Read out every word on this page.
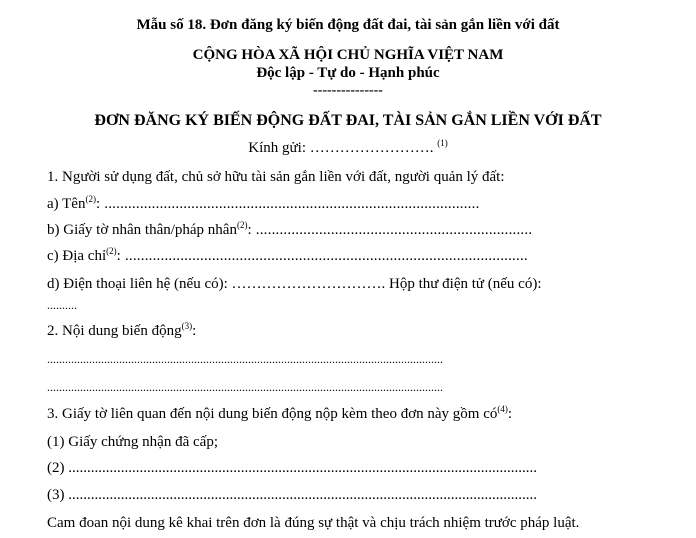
Mẫu số 18. Đơn đăng ký biến động đất đai, tài sản gắn liền với đất
CỘNG HÒA XÃ HỘI CHỦ NGHĨA VIỆT NAM
Độc lập - Tự do - Hạnh phúc
---------------
ĐƠN ĐĂNG KÝ BIẾN ĐỘNG ĐẤT ĐAI, TÀI SẢN GẮN LIỀN VỚI ĐẤT
Kính gửi: ……………………. $^{(1)}$
1. Người sử dụng đất, chủ sở hữu tài sản gắn liền với đất, người quản lý đất:
a) Tên$^{(2)}$: ...............................................................................................
b) Giấy tờ nhân thân/pháp nhân$^{(2)}$: ......................................................................
c) Địa chỉ$^{(2)}$: ......................................................................................................
d) Điện thoại liên hệ (nếu có): …………………………. Hộp thư điện tử (nếu có):
..........
2. Nội dung biến động$^{(3)}$:
....................................................................................................................................
....................................................................................................................................
3. Giấy tờ liên quan đến nội dung biến động nộp kèm theo đơn này gồm $có^{(4)}$:
(1) Giấy chứng nhận đã cấp;
(2) .............................................................................................................................
(3) .............................................................................................................................
Cam đoan nội dung kê khai trên đơn là đúng sự thật và chịu trách nhiệm trước pháp luật.
